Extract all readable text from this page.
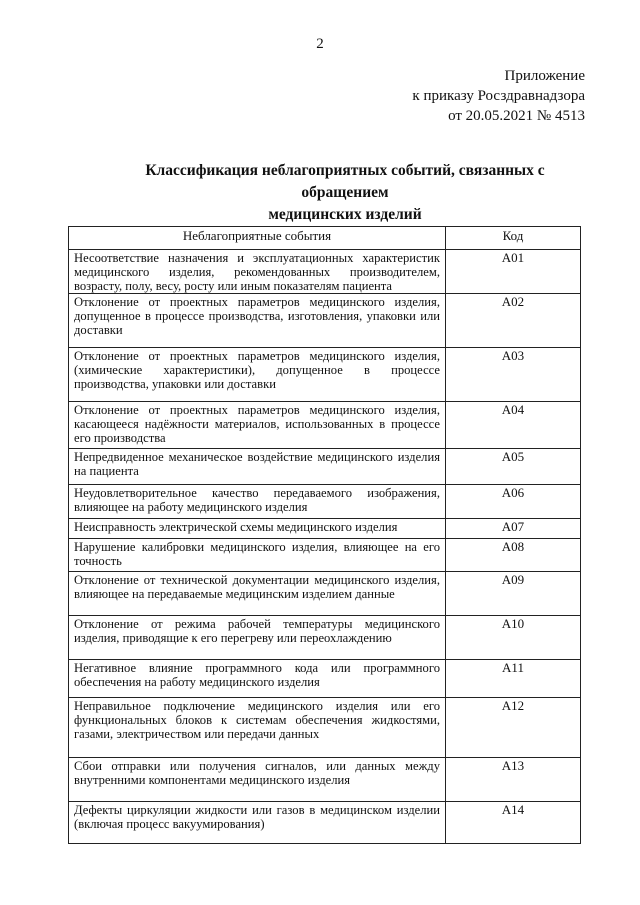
2
Приложение
к приказу Росздравнадзора
от 20.05.2021 № 4513
Классификация неблагоприятных событий, связанных с обращением
медицинских изделий
Неблагоприятные события	Код
Несоответствие назначения и эксплуатационных характеристик медицинского изделия, рекомендованных производителем, возрасту, полу, весу, росту или иным показателям пациента	А01
Отклонение от проектных параметров медицинского изделия, допущенное в процессе производства, изготовления, упаковки или доставки	А02
Отклонение от проектных параметров медицинского изделия, (химические характеристики), допущенное в процессе производства, упаковки или доставки	А03
Отклонение от проектных параметров медицинского изделия, касающееся надёжности материалов, использованных в процессе его производства	А04
Непредвиденное механическое воздействие медицинского изделия на пациента	А05
Неудовлетворительное качество передаваемого изображения, влияющее на работу медицинского изделия	А06
Неисправность электрической схемы медицинского изделия	А07
Нарушение калибровки медицинского изделия, влияющее на его точность	А08
Отклонение от технической документации медицинского изделия, влияющее на передаваемые медицинским изделием данные	А09
Отклонение от режима рабочей температуры медицинского изделия, приводящие к его перегреву или переохлаждению	А10
Негативное влияние программного кода или программного обеспечения на работу медицинского изделия	А11
Неправильное подключение медицинского изделия или его функциональных блоков к системам обеспечения жидкостями, газами, электричеством или передачи данных	А12
Сбои отправки или получения сигналов, или данных между внутренними компонентами медицинского изделия	А13
Дефекты циркуляции жидкости или газов в медицинском изделии (включая процесс вакуумирования)	А14
